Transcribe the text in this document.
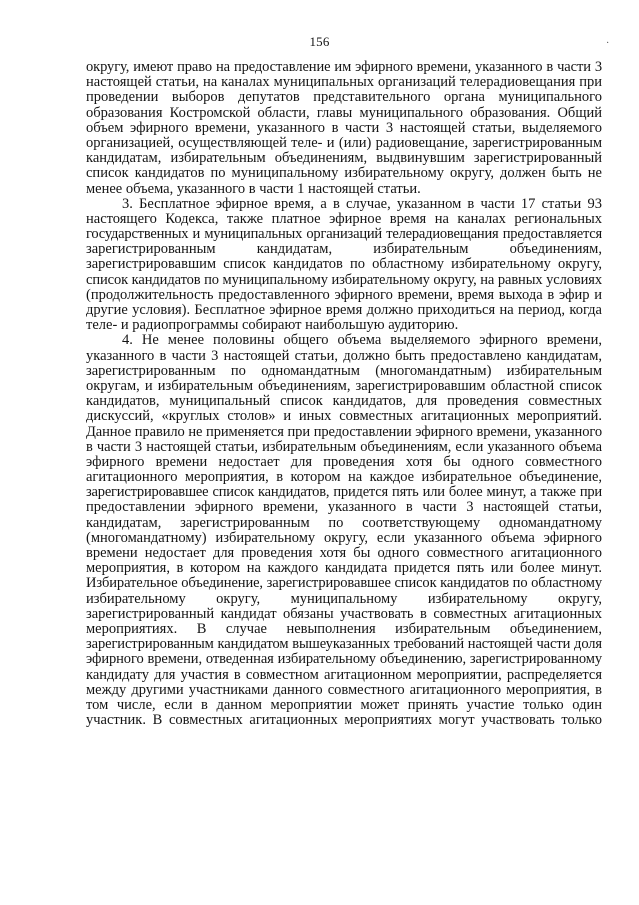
156	·
округу, имеют право на предоставление им эфирного времени, указанного в части 3
настоящей статьи, на каналах муниципальных организаций телерадиовещания при
проведении выборов депутатов представительного органа муниципального
образования Костромской области, главы муниципального образования. Общий
объем эфирного времени, указанного в части 3 настоящей статьи, выделяемого
организацией, осуществляющей теле- и (или) радиовещание, зарегистрированным
кандидатам, избирательным объединениям, выдвинувшим зарегистрированный
список кандидатов по муниципальному избирательному округу, должен быть не
менее объема, указанного в части 1 настоящей статьи.
3. Бесплатное эфирное время, а в случае, указанном в части 17 статьи 93
настоящего Кодекса, также платное эфирное время на каналах региональных
государственных и муниципальных организаций телерадиовещания предоставляется
зарегистрированным кандидатам, избирательным объединениям,
зарегистрировавшим список кандидатов по областному избирательному округу,
список кандидатов по муниципальному избирательному округу, на равных условиях
(продолжительность предоставленного эфирного времени, время выхода в эфир и
другие условия). Бесплатное эфирное время должно приходиться на период, когда
теле- и радиопрограммы собирают наибольшую аудиторию.
4. Не менее половины общего объема выделяемого эфирного времени,
указанного в части 3 настоящей статьи, должно быть предоставлено кандидатам,
зарегистрированным по одномандатным (многомандатным) избирательным
округам, и избирательным объединениям, зарегистрировавшим областной список
кандидатов, муниципальный список кандидатов, для проведения совместных
дискуссий, «круглых столов» и иных совместных агитационных мероприятий.
Данное правило не применяется при предоставлении эфирного времени, указанного
в части 3 настоящей статьи, избирательным объединениям, если указанного объема
эфирного времени недостает для проведения хотя бы одного совместного
агитационного мероприятия, в котором на каждое избирательное объединение,
зарегистрировавшее список кандидатов, придется пять или более минут, а также при
предоставлении эфирного времени, указанного в части 3 настоящей статьи,
кандидатам, зарегистрированным по соответствующему одномандатному
(многомандатному) избирательному округу, если указанного объема эфирного
времени недостает для проведения хотя бы одного совместного агитационного
мероприятия, в котором на каждого кандидата придется пять или более минут.
Избирательное объединение, зарегистрировавшее список кандидатов по областному
избирательному округу, муниципальному избирательному округу,
зарегистрированный кандидат обязаны участвовать в совместных агитационных
мероприятиях. В случае невыполнения избирательным объединением,
зарегистрированным кандидатом вышеуказанных требований настоящей части доля
эфирного времени, отведенная избирательному объединению, зарегистрированному
кандидату для участия в совместном агитационном мероприятии, распределяется
между другими участниками данного совместного агитационного мероприятия, в
том числе, если в данном мероприятии может принять участие только один
участник. В совместных агитационных мероприятиях могут участвовать только
